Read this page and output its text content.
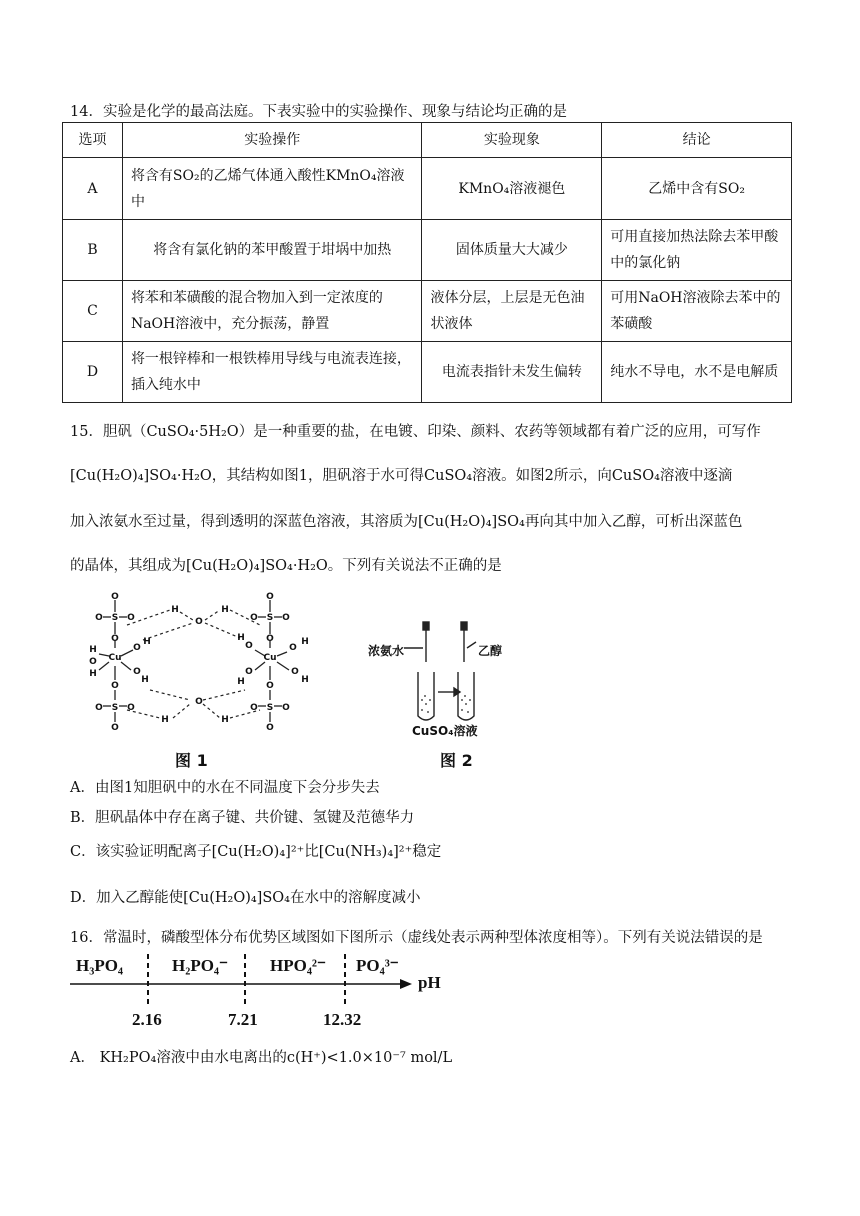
14．实验是化学的最高法庭。下表实验中的实验操作、现象与结论均正确的是
选项	实验操作	实验现象	结论
A	将含有SO₂的乙烯气体通入酸性KMnO₄溶液中	KMnO₄溶液褪色	乙烯中含有SO₂
B	将含有氯化钠的苯甲酸置于坩埚中加热	固体质量大大减少	可用直接加热法除去苯甲酸中的氯化钠
C	将苯和苯磺酸的混合物加入到一定浓度的NaOH溶液中，充分振荡，静置	液体分层，上层是无色油状液体	可用NaOH溶液除去苯中的苯磺酸
D	将一根锌棒和一根铁棒用导线与电流表连接，插入纯水中	电流表指针未发生偏转	纯水不导电，水不是电解质
15．胆矾（CuSO₄·5H₂O）是一种重要的盐，在电镀、印染、颜料、农药等领域都有着广泛的应用，可写作
[Cu(H₂O)₄]SO₄·H₂O，其结构如图1，胆矾溶于水可得CuSO₄溶液。如图2所示，向CuSO₄溶液中逐滴
加入浓氨水至过量，得到透明的深蓝色溶液，其溶质为[Cu(H₂O)₄]SO₄再向其中加入乙醇，可析出深蓝色
的晶体，其组成为[Cu(H₂O)₄]SO₄·H₂O。下列有关说法不正确的是
O
S
O	O
O
Cu
H
O
H
O
H
O
H
O
S
O	O
O
H
O
H
O
H	H
O
S
O	O
O
Cu
O
H
O
H
O
H
O
H
O
S
O	O
O
图 1
浓氨水	乙醇
CuSO₄溶液
图 2
A．由图1知胆矾中的水在不同温度下会分步失去
B．胆矾晶体中存在离子键、共价键、氢键及范德华力
C．该实验证明配离子[Cu(H₂O)₄]²⁺比[Cu(NH₃)₄]²⁺稳定
D．加入乙醇能使[Cu(H₂O)₄]SO₄在水中的溶解度减小
16．常温时，磷酸型体分布优势区域图如下图所示（虚线处表示两种型体浓度相等）。下列有关说法错误的是
H₃PO₄	H₂PO₄⁻ HPO₄²⁻ PO₄³⁻
pH
2.16	7.21	12.32
A． KH₂PO₄溶液中由水电离出的c(H⁺)<1.0×10⁻⁷ mol/L
